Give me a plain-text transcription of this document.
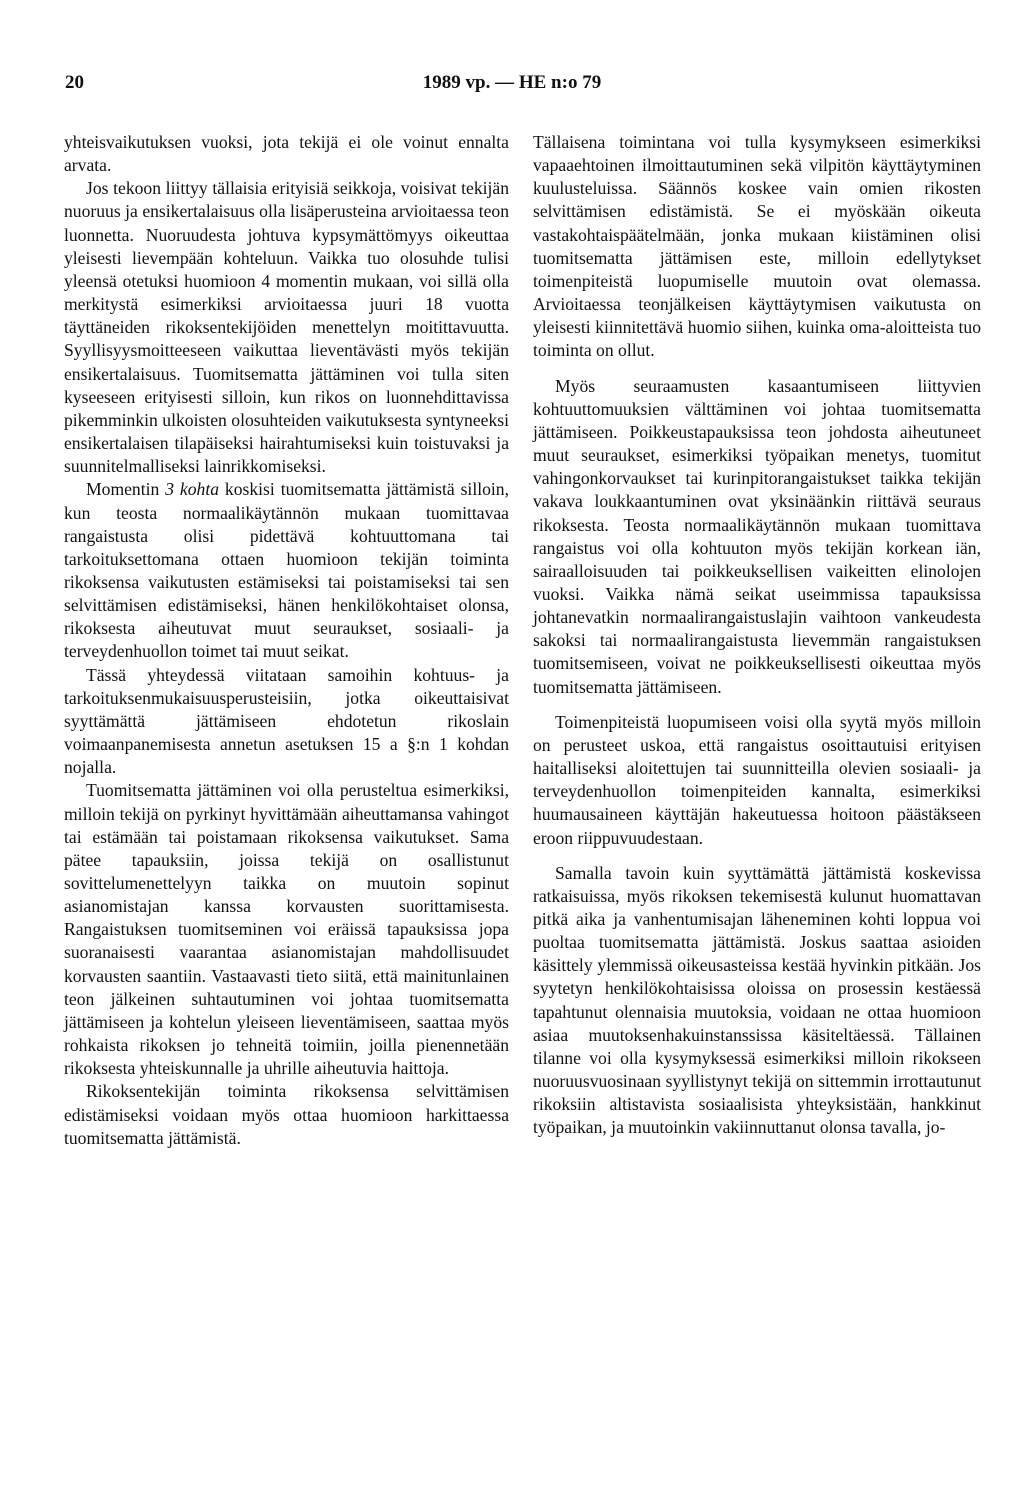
20	1989 vp. — HE n:o 79

yhteisvaikutuksen vuoksi, jota tekijä ei ole voinut ennalta arvata.

Jos tekoon liittyy tällaisia erityisiä seikkoja, voisivat tekijän nuoruus ja ensikertalaisuus olla lisäperusteina arvioitaessa teon luonnetta. Nuoruudesta johtuva kypsymättömyys oikeuttaa yleisesti lievempään kohteluun. Vaikka tuo olosuhde tulisi yleensä otetuksi huomioon 4 momentin mukaan, voi sillä olla merkitystä esimerkiksi arvioitaessa juuri 18 vuotta täyttäneiden rikoksentekijöiden menettelyn moitittavuutta. Syyllisyysmoitteeseen vaikuttaa lieventävästi myös tekijän ensikertalaisuus. Tuomitsematta jättäminen voi tulla siten kyseeseen erityisesti silloin, kun rikos on luonnehdittavissa pikemminkin ulkoisten olosuhteiden vaikutuksesta syntyneeksi ensikertalaisen tilapäiseksi hairahtumiseksi kuin toistuvaksi ja suunnitelmalliseksi lainrikkomiseksi.

Momentin 3 kohta koskisi tuomitsematta jättämistä silloin, kun teosta normaalikäytännön mukaan tuomittavaa rangaistusta olisi pidettävä kohtuuttomana tai tarkoituksettomana ottaen huomioon tekijän toiminta rikoksensa vaikutusten estämiseksi tai poistamiseksi tai sen selvittämisen edistämiseksi, hänen henkilökohtaiset olonsa, rikoksesta aiheutuvat muut seuraukset, sosiaali- ja terveydenhuollon toimet tai muut seikat.

Tässä yhteydessä viitataan samoihin kohtuus- ja tarkoituksenmukaisuusperusteisiin, jotka oikeuttaisivat syyttämättä jättämiseen ehdotetun rikoslain voimaanpanemisesta annetun asetuksen 15 a §:n 1 kohdan nojalla.

Tuomitsematta jättäminen voi olla perusteltua esimerkiksi, milloin tekijä on pyrkinyt hyvittämään aiheuttamansa vahingot tai estämään tai poistamaan rikoksensa vaikutukset. Sama pätee tapauksiin, joissa tekijä on osallistunut sovittelumenettelyyn taikka on muutoin sopinut asianomistajan kanssa korvausten suorittamisesta. Rangaistuksen tuomitseminen voi eräissä tapauksissa jopa suoranaisesti vaarantaa asianomistajan mahdollisuudet korvausten saantiin. Vastaavasti tieto siitä, että mainitunlainen teon jälkeinen suhtautuminen voi johtaa tuomitsematta jättämiseen ja kohtelun yleiseen lieventämiseen, saattaa myös rohkaista rikoksen jo tehneitä toimiin, joilla pienennetään rikoksesta yhteiskunnalle ja uhrille aiheutuvia haittoja.

Rikoksentekijän toiminta rikoksensa selvittämisen edistämiseksi voidaan myös ottaa huomioon harkittaessa tuomitsematta jättämistä.

Tällaisena toimintana voi tulla kysymykseen esimerkiksi vapaaehtoinen ilmoittautuminen sekä vilpitön käyttäytyminen kuulusteluissa. Säännös koskee vain omien rikosten selvittämisen edistämistä. Se ei myöskään oikeuta vastakohtaispäätelmään, jonka mukaan kiistäminen olisi tuomitsematta jättämisen este, milloin edellytykset toimenpiteistä luopumiselle muutoin ovat olemassa. Arvioitaessa teonjälkeisen käyttäytymisen vaikutusta on yleisesti kiinnitettävä huomio siihen, kuinka oma-aloitteista tuo toiminta on ollut.

Myös seuraamusten kasaantumiseen liittyvien kohtuuttomuuksien välttäminen voi johtaa tuomitsematta jättämiseen. Poikkeustapauksissa teon johdosta aiheutuneet muut seuraukset, esimerkiksi työpaikan menetys, tuomitut vahingonkorvaukset tai kurinpitorangaistukset taikka tekijän vakava loukkaantuminen ovat yksinäänkin riittävä seuraus rikoksesta. Teosta normaalikäytännön mukaan tuomittava rangaistus voi olla kohtuuton myös tekijän korkean iän, sairaalloisuuden tai poikkeuksellisen vaikeitten elinolojen vuoksi. Vaikka nämä seikat useimmissa tapauksissa johtanevatkin normaalirangaistuslajin vaihtoon vankeudesta sakoksi tai normaalirangaistusta lievemmän rangaistuksen tuomitsemiseen, voivat ne poikkeuksellisesti oikeuttaa myös tuomitsematta jättämiseen.

Toimenpiteistä luopumiseen voisi olla syytä myös milloin on perusteet uskoa, että rangaistus osoittautuisi erityisen haitalliseksi aloitettujen tai suunnitteilla olevien sosiaali- ja terveydenhuollon toimenpiteiden kannalta, esimerkiksi huumausaineen käyttäjän hakeutuessa hoitoon päästäkseen eroon riippuvuudestaan.

Samalla tavoin kuin syyttämättä jättämistä koskevissa ratkaisuissa, myös rikoksen tekemisestä kulunut huomattavan pitkä aika ja vanhentumisajan läheneminen kohti loppua voi puoltaa tuomitsematta jättämistä. Joskus saattaa asioiden käsittely ylemmissä oikeusasteissa kestää hyvinkin pitkään. Jos syytetyn henkilökohtaisissa oloissa on prosessin kestäessä tapahtunut olennaisia muutoksia, voidaan ne ottaa huomioon asiaa muutoksenhakuinstanssissa käsiteltäessä. Tällainen tilanne voi olla kysymyksessä esimerkiksi milloin rikokseen nuoruusvuosinaan syyllistynyt tekijä on sittemmin irrottautunut rikoksiin altistavista sosiaalisista yhteyksistään, hankkinut työpaikan, ja muutoinkin vakiinnuttanut olonsa tavalla, jo-
